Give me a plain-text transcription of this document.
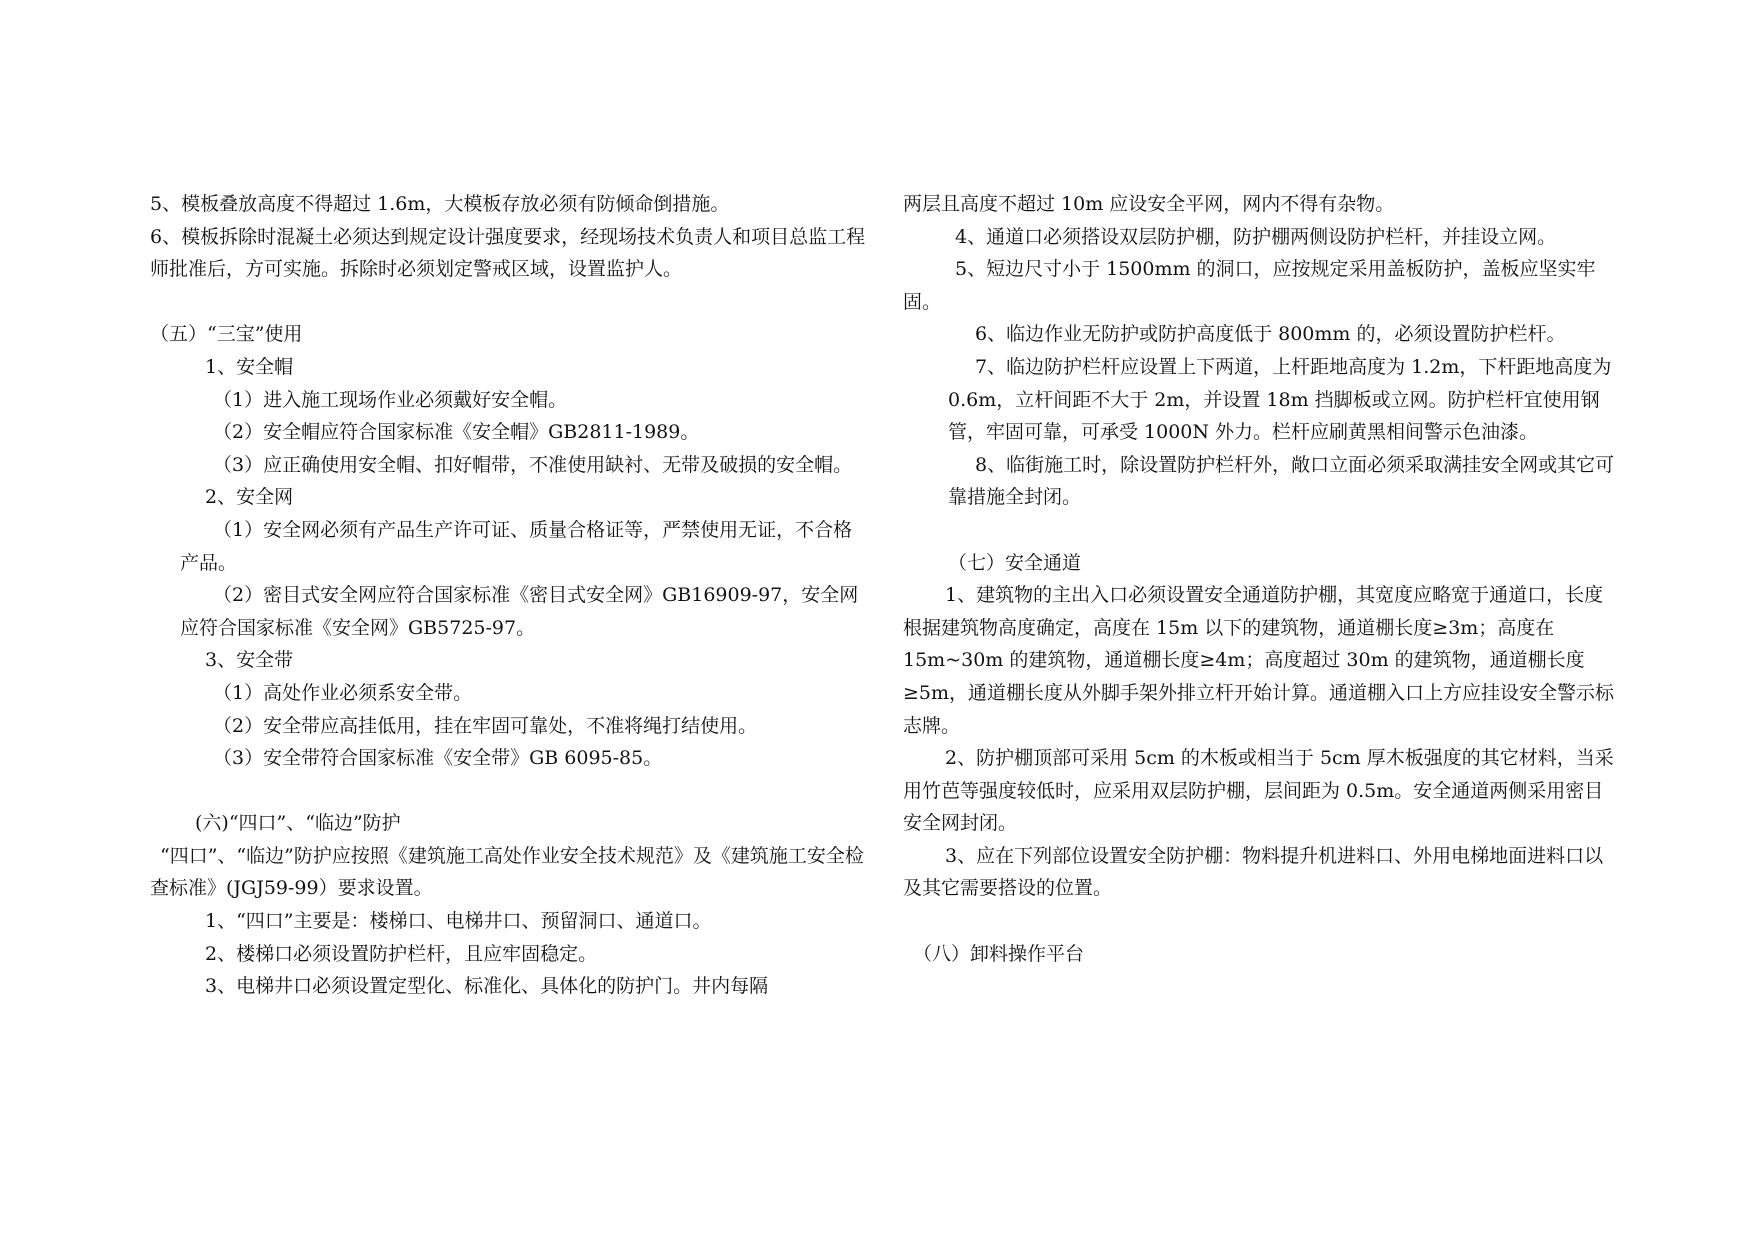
5、模板叠放高度不得超过 1.6m，大模板存放必须有防倾命倒措施。

6、模板拆除时混凝土必须达到规定设计强度要求，经现场技术负责人和项目总监工程师批准后，方可实施。拆除时必须划定警戒区域，设置监护人。

（五）“三宝”使用

1、安全帽

（1）进入施工现场作业必须戴好安全帽。

（2）安全帽应符合国家标准《安全帽》GB2811-1989。

（3）应正确使用安全帽、扣好帽带，不准使用缺衬、无带及破损的安全帽。

2、安全网

（1）安全网必须有产品生产许可证、质量合格证等，严禁使用无证，不合格产品。

（2）密目式安全网应符合国家标准《密目式安全网》GB16909-97，安全网应符合国家标准《安全网》GB5725-97。

3、安全带

（1）高处作业必须系安全带。

（2）安全带应高挂低用，挂在牢固可靠处，不准将绳打结使用。

（3）安全带符合国家标准《安全带》GB 6095-85。

(六)“四口”、“临边”防护

“四口”、“临边”防护应按照《建筑施工高处作业安全技术规范》及《建筑施工安全检查标准》(JGJ59-99）要求设置。

1、“四口”主要是：楼梯口、电梯井口、预留洞口、通道口。

2、楼梯口必须设置防护栏杆，且应牢固稳定。

3、电梯井口必须设置定型化、标准化、具体化的防护门。井内每隔

两层且高度不超过 10m 应设安全平网，网内不得有杂物。

4、通道口必须搭设双层防护棚，防护棚两侧设防护栏杆，并挂设立网。

5、短边尺寸小于 1500mm 的洞口，应按规定采用盖板防护，盖板应坚实牢固。

6、临边作业无防护或防护高度低于 800mm 的，必须设置防护栏杆。

7、临边防护栏杆应设置上下两道，上杆距地高度为 1.2m，下杆距地高度为 0.6m，立杆间距不大于 2m，并设置 18m 挡脚板或立网。防护栏杆宜使用钢管，牢固可靠，可承受 1000N 外力。栏杆应刷黄黑相间警示色油漆。

8、临街施工时，除设置防护栏杆外，敞口立面必须采取满挂安全网或其它可靠措施全封闭。

（七）安全通道

1、建筑物的主出入口必须设置安全通道防护棚，其宽度应略宽于通道口，长度根据建筑物高度确定，高度在 15m 以下的建筑物，通道棚长度≥3m；高度在 15m~30m 的建筑物，通道棚长度≥4m；高度超过 30m 的建筑物，通道棚长度≥5m，通道棚长度从外脚手架外排立杆开始计算。通道棚入口上方应挂设安全警示标志牌。

2、防护棚顶部可采用 5cm 的木板或相当于 5cm 厚木板强度的其它材料，当采用竹芭等强度较低时，应采用双层防护棚，层间距为 0.5m。安全通道两侧采用密目安全网封闭。

3、应在下列部位设置安全防护棚：物料提升机进料口、外用电梯地面进料口以及其它需要搭设的位置。

（八）卸料操作平台
